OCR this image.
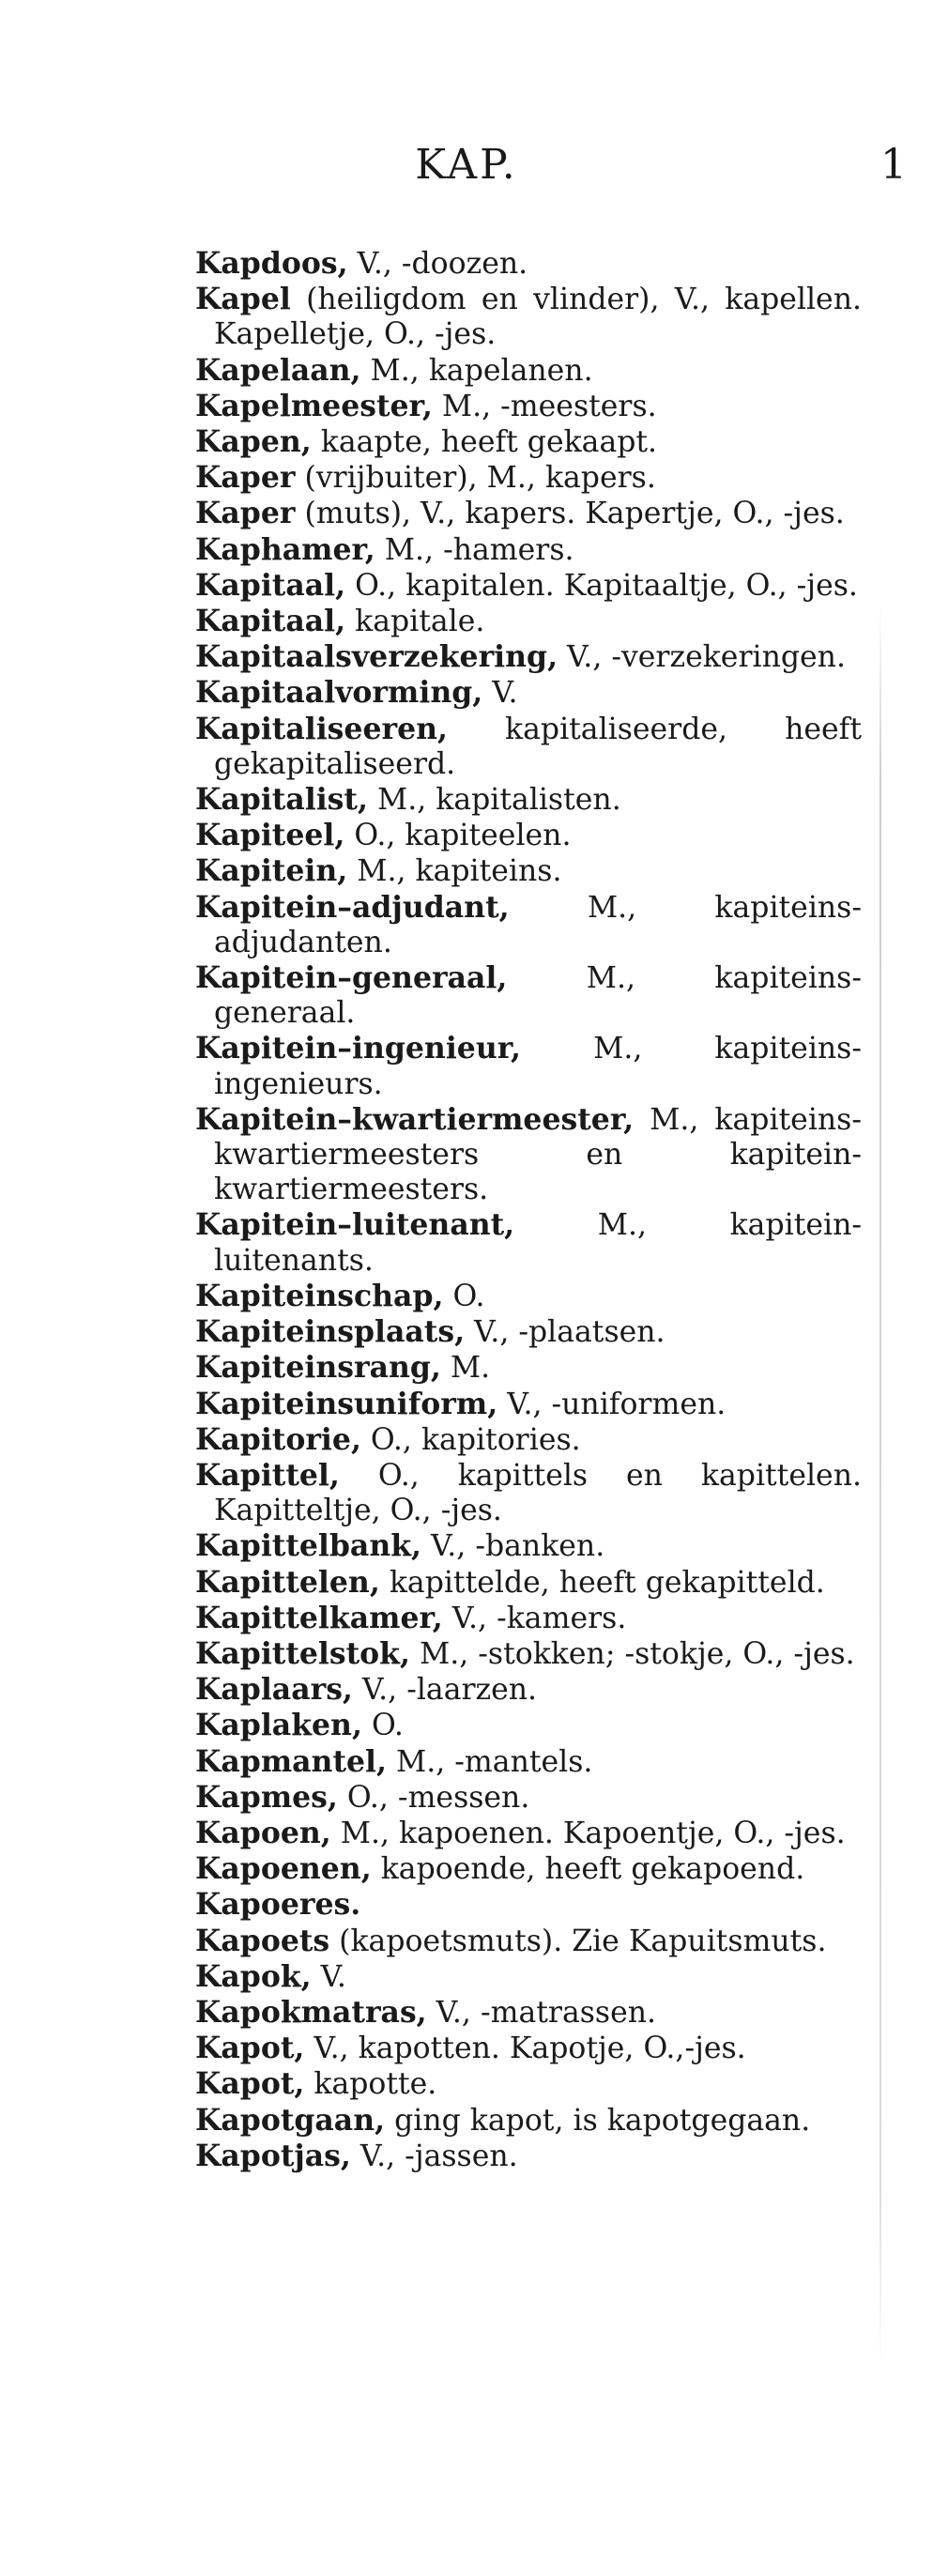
KAP.	1
Kapdoos, V., -doozen.
Kapel (heiligdom en vlinder), V., kapellen. Kapelletje, O., -jes.
Kapelaan, M., kapelanen.
Kapelmeester, M., -meesters.
Kapen, kaapte, heeft gekaapt.
Kaper (vrijbuiter), M., kapers.
Kaper (muts), V., kapers. Kapertje, O., -jes.
Kaphamer, M., -hamers.
Kapitaal, O., kapitalen. Kapitaaltje, O., -jes.
Kapitaal, kapitale.
Kapitaalsverzekering, V., -verzekeringen.
Kapitaalvorming, V.
Kapitaliseeren, kapitaliseerde, heeft gekapitaliseerd.
Kapitalist, M., kapitalisten.
Kapiteel, O., kapiteelen.
Kapitein, M., kapiteins.
Kapitein–adjudant, M., kapiteins-adjudanten.
Kapitein–generaal, M., kapiteins-generaal.
Kapitein–ingenieur, M., kapiteins-ingenieurs.
Kapitein–kwartiermeester, M., kapiteins-kwartiermeesters en kapitein-kwartiermeesters.
Kapitein–luitenant, M., kapitein-luitenants.
Kapiteinschap, O.
Kapiteinsplaats, V., -plaatsen.
Kapiteinsrang, M.
Kapiteinsuniform, V., -uniformen.
Kapitorie, O., kapitories.
Kapittel, O., kapittels en kapittelen. Kapitteltje, O., -jes.
Kapittelbank, V., -banken.
Kapittelen, kapittelde, heeft gekapitteld.
Kapittelkamer, V., -kamers.
Kapittelstok, M., -stokken; -stokje, O., -jes.
Kaplaars, V., -laarzen.
Kaplaken, O.
Kapmantel, M., -mantels.
Kapmes, O., -messen.
Kapoen, M., kapoenen. Kapoentje, O., -jes.
Kapoenen, kapoende, heeft gekapoend.
Kapoeres.
Kapoets (kapoetsmuts). Zie Kapuitsmuts.
Kapok, V.
Kapokmatras, V., -matrassen.
Kapot, V., kapotten. Kapotje, O.,-jes.
Kapot, kapotte.
Kapotgaan, ging kapot, is kapotgegaan.
Kapotjas, V., -jassen.
